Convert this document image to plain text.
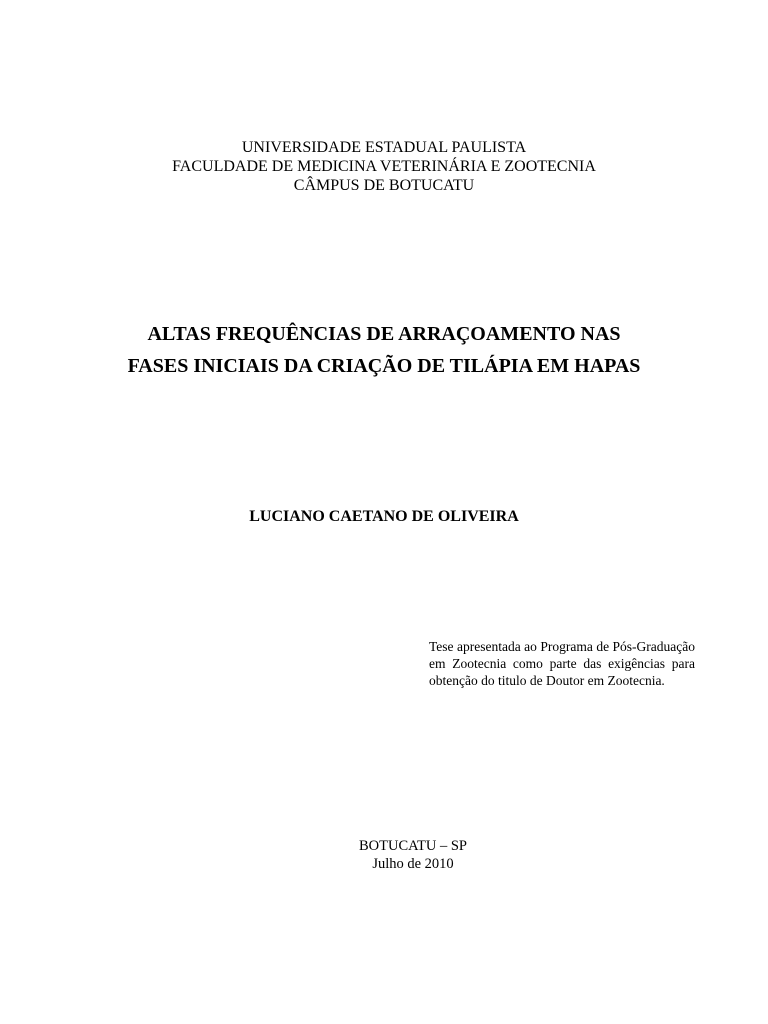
UNIVERSIDADE ESTADUAL PAULISTA
FACULDADE DE MEDICINA VETERINÁRIA E ZOOTECNIA
CÂMPUS DE BOTUCATU
ALTAS FREQUÊNCIAS DE ARRAÇOAMENTO NAS
FASES INICIAIS DA CRIAÇÃO DE TILÁPIA EM HAPAS
LUCIANO CAETANO DE OLIVEIRA
Tese apresentada ao Programa de Pós-Graduação em Zootecnia como parte das exigências para obtenção do titulo de Doutor em Zootecnia.
BOTUCATU – SP
Julho de 2010
